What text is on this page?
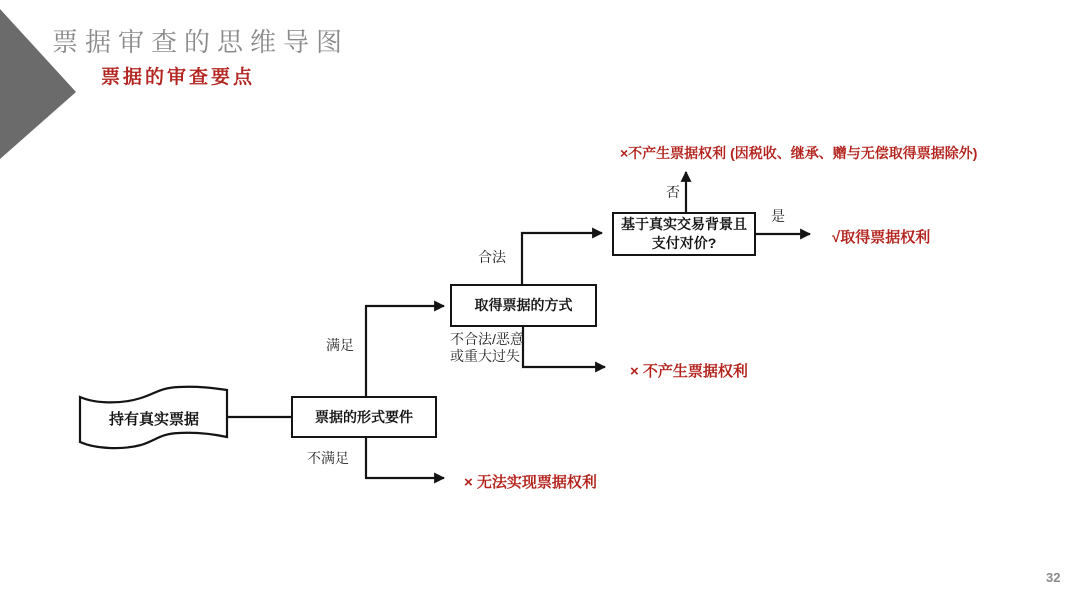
票据审查的思维导图
票据的审查要点
32
持有真实票据	票据的形式要件
取得票据的方式
基于真实交易背景且
支付对价?
满足
不满足
合法
不合法/恶意
或重大过失
否
是
×不产生票据权利 (因税收、继承、赠与无偿取得票据除外)
√取得票据权利
× 不产生票据权利
× 无法实现票据权利
